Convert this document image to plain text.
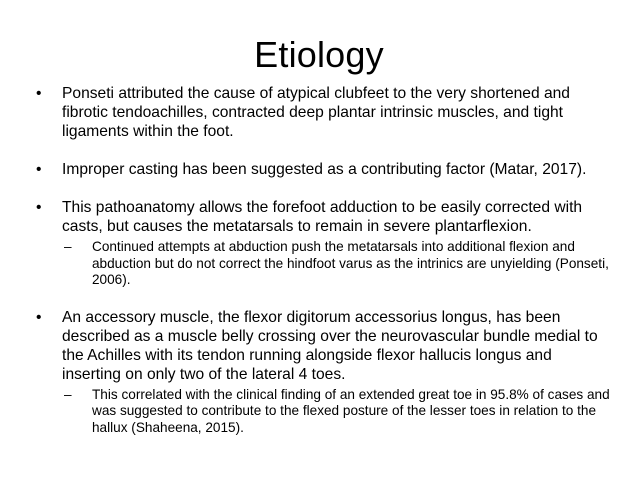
Etiology
• Ponseti attributed the cause of atypical clubfeet to the very shortened and fibrotic tendoachilles, contracted deep plantar intrinsic muscles, and tight ligaments within the foot.
• Improper casting has been suggested as a contributing factor (Matar, 2017).
• This pathoanatomy allows the forefoot adduction to be easily corrected with casts, but causes the metatarsals to remain in severe plantarflexion.
– Continued attempts at abduction push the metatarsals into additional flexion and abduction but do not correct the hindfoot varus as the intrinics are unyielding (Ponseti, 2006).
• An accessory muscle, the flexor digitorum accessorius longus, has been described as a muscle belly crossing over the neurovascular bundle medial to the Achilles with its tendon running alongside flexor hallucis longus and inserting on only two of the lateral 4 toes.
– This correlated with the clinical finding of an extended great toe in 95.8% of cases and was suggested to contribute to the flexed posture of the lesser toes in relation to the hallux (Shaheena, 2015).
